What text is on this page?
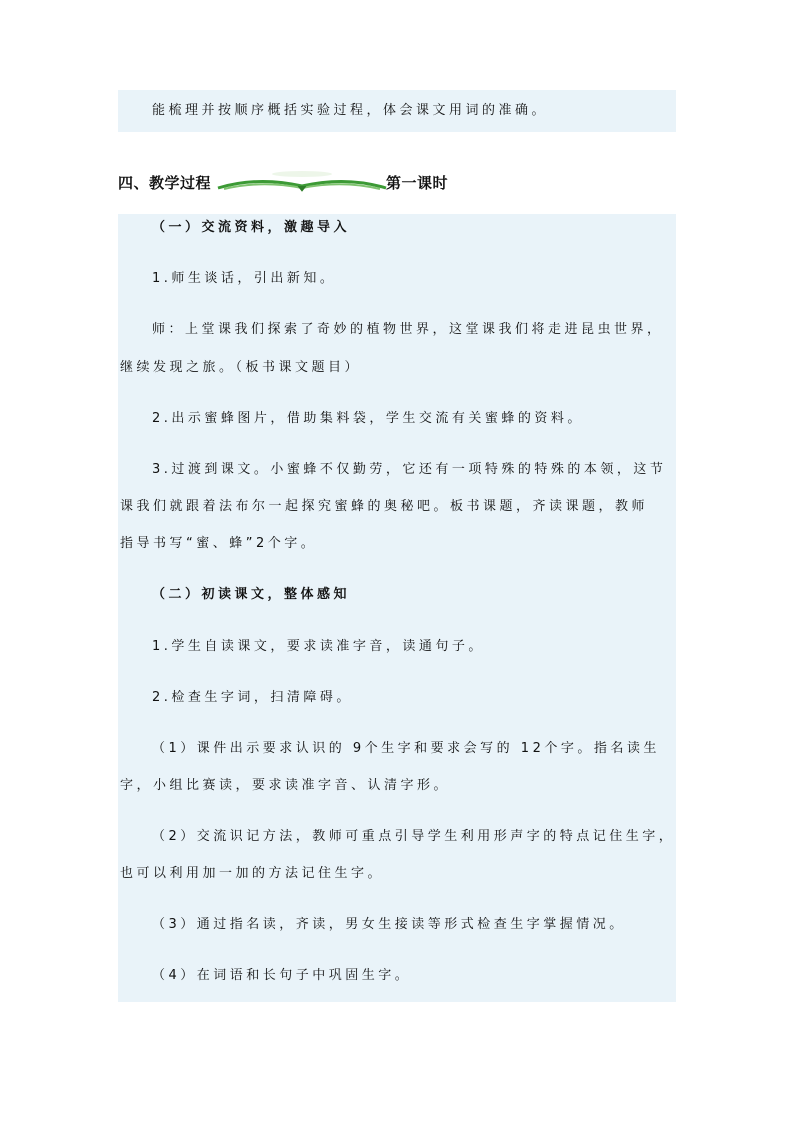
能梳理并按顺序概括实验过程，体会课文用词的准确。
四、教学过程	第一课时
（一）交流资料，激趣导入
1.师生谈话，引出新知。
师：上堂课我们探索了奇妙的植物世界，这堂课我们将走进昆虫世界，
继续发现之旅。（板书课文题目）
2.出示蜜蜂图片，借助集料袋，学生交流有关蜜蜂的资料。
3.过渡到课文。小蜜蜂不仅勤劳，它还有一项特殊的特殊的本领，这节
课我们就跟着法布尔一起探究蜜蜂的奥秘吧。板书课题，齐读课题，教师
指导书写“蜜、蜂”2个字。
（二）初读课文，整体感知
1.学生自读课文，要求读准字音，读通句子。
2.检查生字词，扫清障碍。
（1）课件出示要求认识的 9个生字和要求会写的 12个字。指名读生
字，小组比赛读，要求读准字音、认清字形。
（2）交流识记方法，教师可重点引导学生利用形声字的特点记住生字，
也可以利用加一加的方法记住生字。
（3）通过指名读，齐读，男女生接读等形式检查生字掌握情况。
（4）在词语和长句子中巩固生字。
